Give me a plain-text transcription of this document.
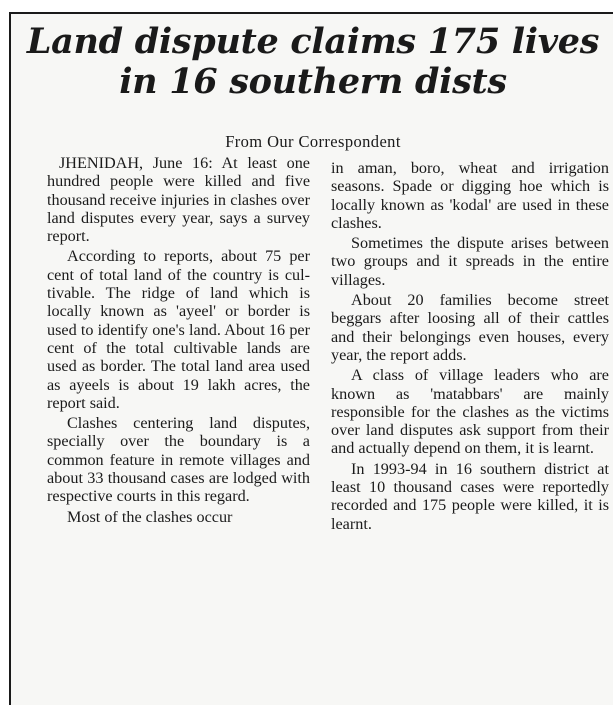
Land dispute claims 175 lives
in 16 southern dists
From Our Correspondent

JHENIDAH, June 16: At least one hundred people were killed and five thousand receive injuries in clashes over land disputes every year, says a survey report.

According to reports, about 75 per cent of total land of the country is cultivable. The ridge of land which is locally known as 'ayeel' or border is used to identify one's land. About 16 per cent of the total cultivable lands are used as border. The total land area used as ayeels is about 19 lakh acres, the report said.

Clashes centering land disputes, specially over the boundary is a common feature in remote villages and about 33 thousand cases are lodged with respective courts in this regard.

Most of the clashes occur

in aman, boro, wheat and irrigation seasons. Spade or digging hoe which is locally known as 'kodal' are used in these clashes.

Sometimes the dispute arises between two groups and it spreads in the entire villages.

About 20 families become street beggars after loosing all of their cattles and their belongings even houses, every year, the report adds.

A class of village leaders who are known as 'matabbars' are mainly responsible for the clashes as the victims over land disputes ask support from their and actually depend on them, it is learnt.

In 1993-94 in 16 southern district at least 10 thousand cases were reportedly recorded and 175 people were killed, it is learnt.
